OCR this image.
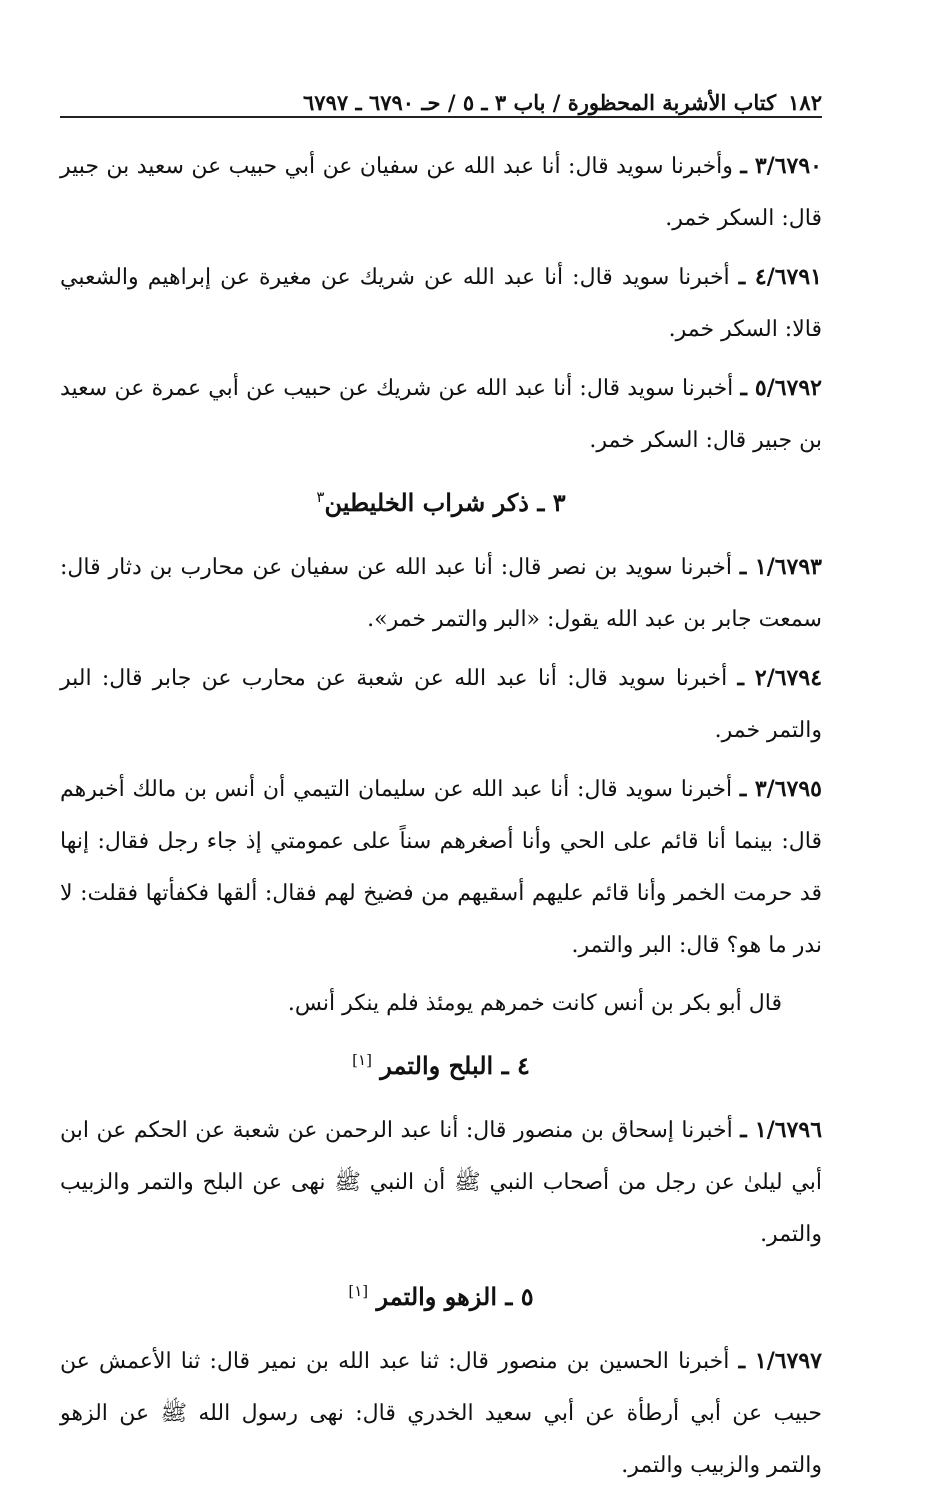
١٨٢
كتاب الأشربة المحظورة / باب ٣ ـ ٥ / حـ ٦٧٩٠ ـ ٦٧٩٧

٣/٦٧٩٠ ـ وأخبرنا سويد قال: أنا عبد الله عن سفيان عن أبي حبيب عن سعيد بن جبير قال: السكر خمر.

٤/٦٧٩١ ـ أخبرنا سويد قال: أنا عبد الله عن شريك عن مغيرة عن إبراهيم والشعبي قالا: السكر خمر.

٥/٦٧٩٢ ـ أخبرنا سويد قال: أنا عبد الله عن شريك عن حبيب عن أبي عمرة عن سعيد بن جبير قال: السكر خمر.

٣ ـ ذكر شراب الخليطين$^٣$

١/٦٧٩٣ ـ أخبرنا سويد بن نصر قال: أنا عبد الله عن سفيان عن محارب بن دثار قال: سمعت جابر بن عبد الله يقول: «البر والتمر خمر».

٢/٦٧٩٤ ـ أخبرنا سويد قال: أنا عبد الله عن شعبة عن محارب عن جابر قال: البر والتمر خمر.

٣/٦٧٩٥ ـ أخبرنا سويد قال: أنا عبد الله عن سليمان التيمي أن أنس بن مالك أخبرهم قال: بينما أنا قائم على الحي وأنا أصغرهم سناً على عمومتي إذ جاء رجل فقال: إنها قد حرمت الخمر وأنا قائم عليهم أسقيهم من فضيخ لهم فقال: ألقها فكفأتها فقلت: لا ندر ما هو؟ قال: البر والتمر.

قال أبو بكر بن أنس كانت خمرهم يومئذ فلم ينكر أنس.

٤ ـ البلح والتمر [١]

١/٦٧٩٦ ـ أخبرنا إسحاق بن منصور قال: أنا عبد الرحمن عن شعبة عن الحكم عن ابن أبي ليلىٰ عن رجل من أصحاب النبي ﷺ أن النبي ﷺ نهى عن البلح والتمر والزبيب والتمر.

٥ ـ الزهو والتمر [١]

١/٦٧٩٧ ـ أخبرنا الحسين بن منصور قال: ثنا عبد الله بن نمير قال: ثنا الأعمش عن حبيب عن أبي أرطأة عن أبي سعيد الخدري قال: نهى رسول الله ﷺ عن الزهو والتمر والزبيب والتمر.
